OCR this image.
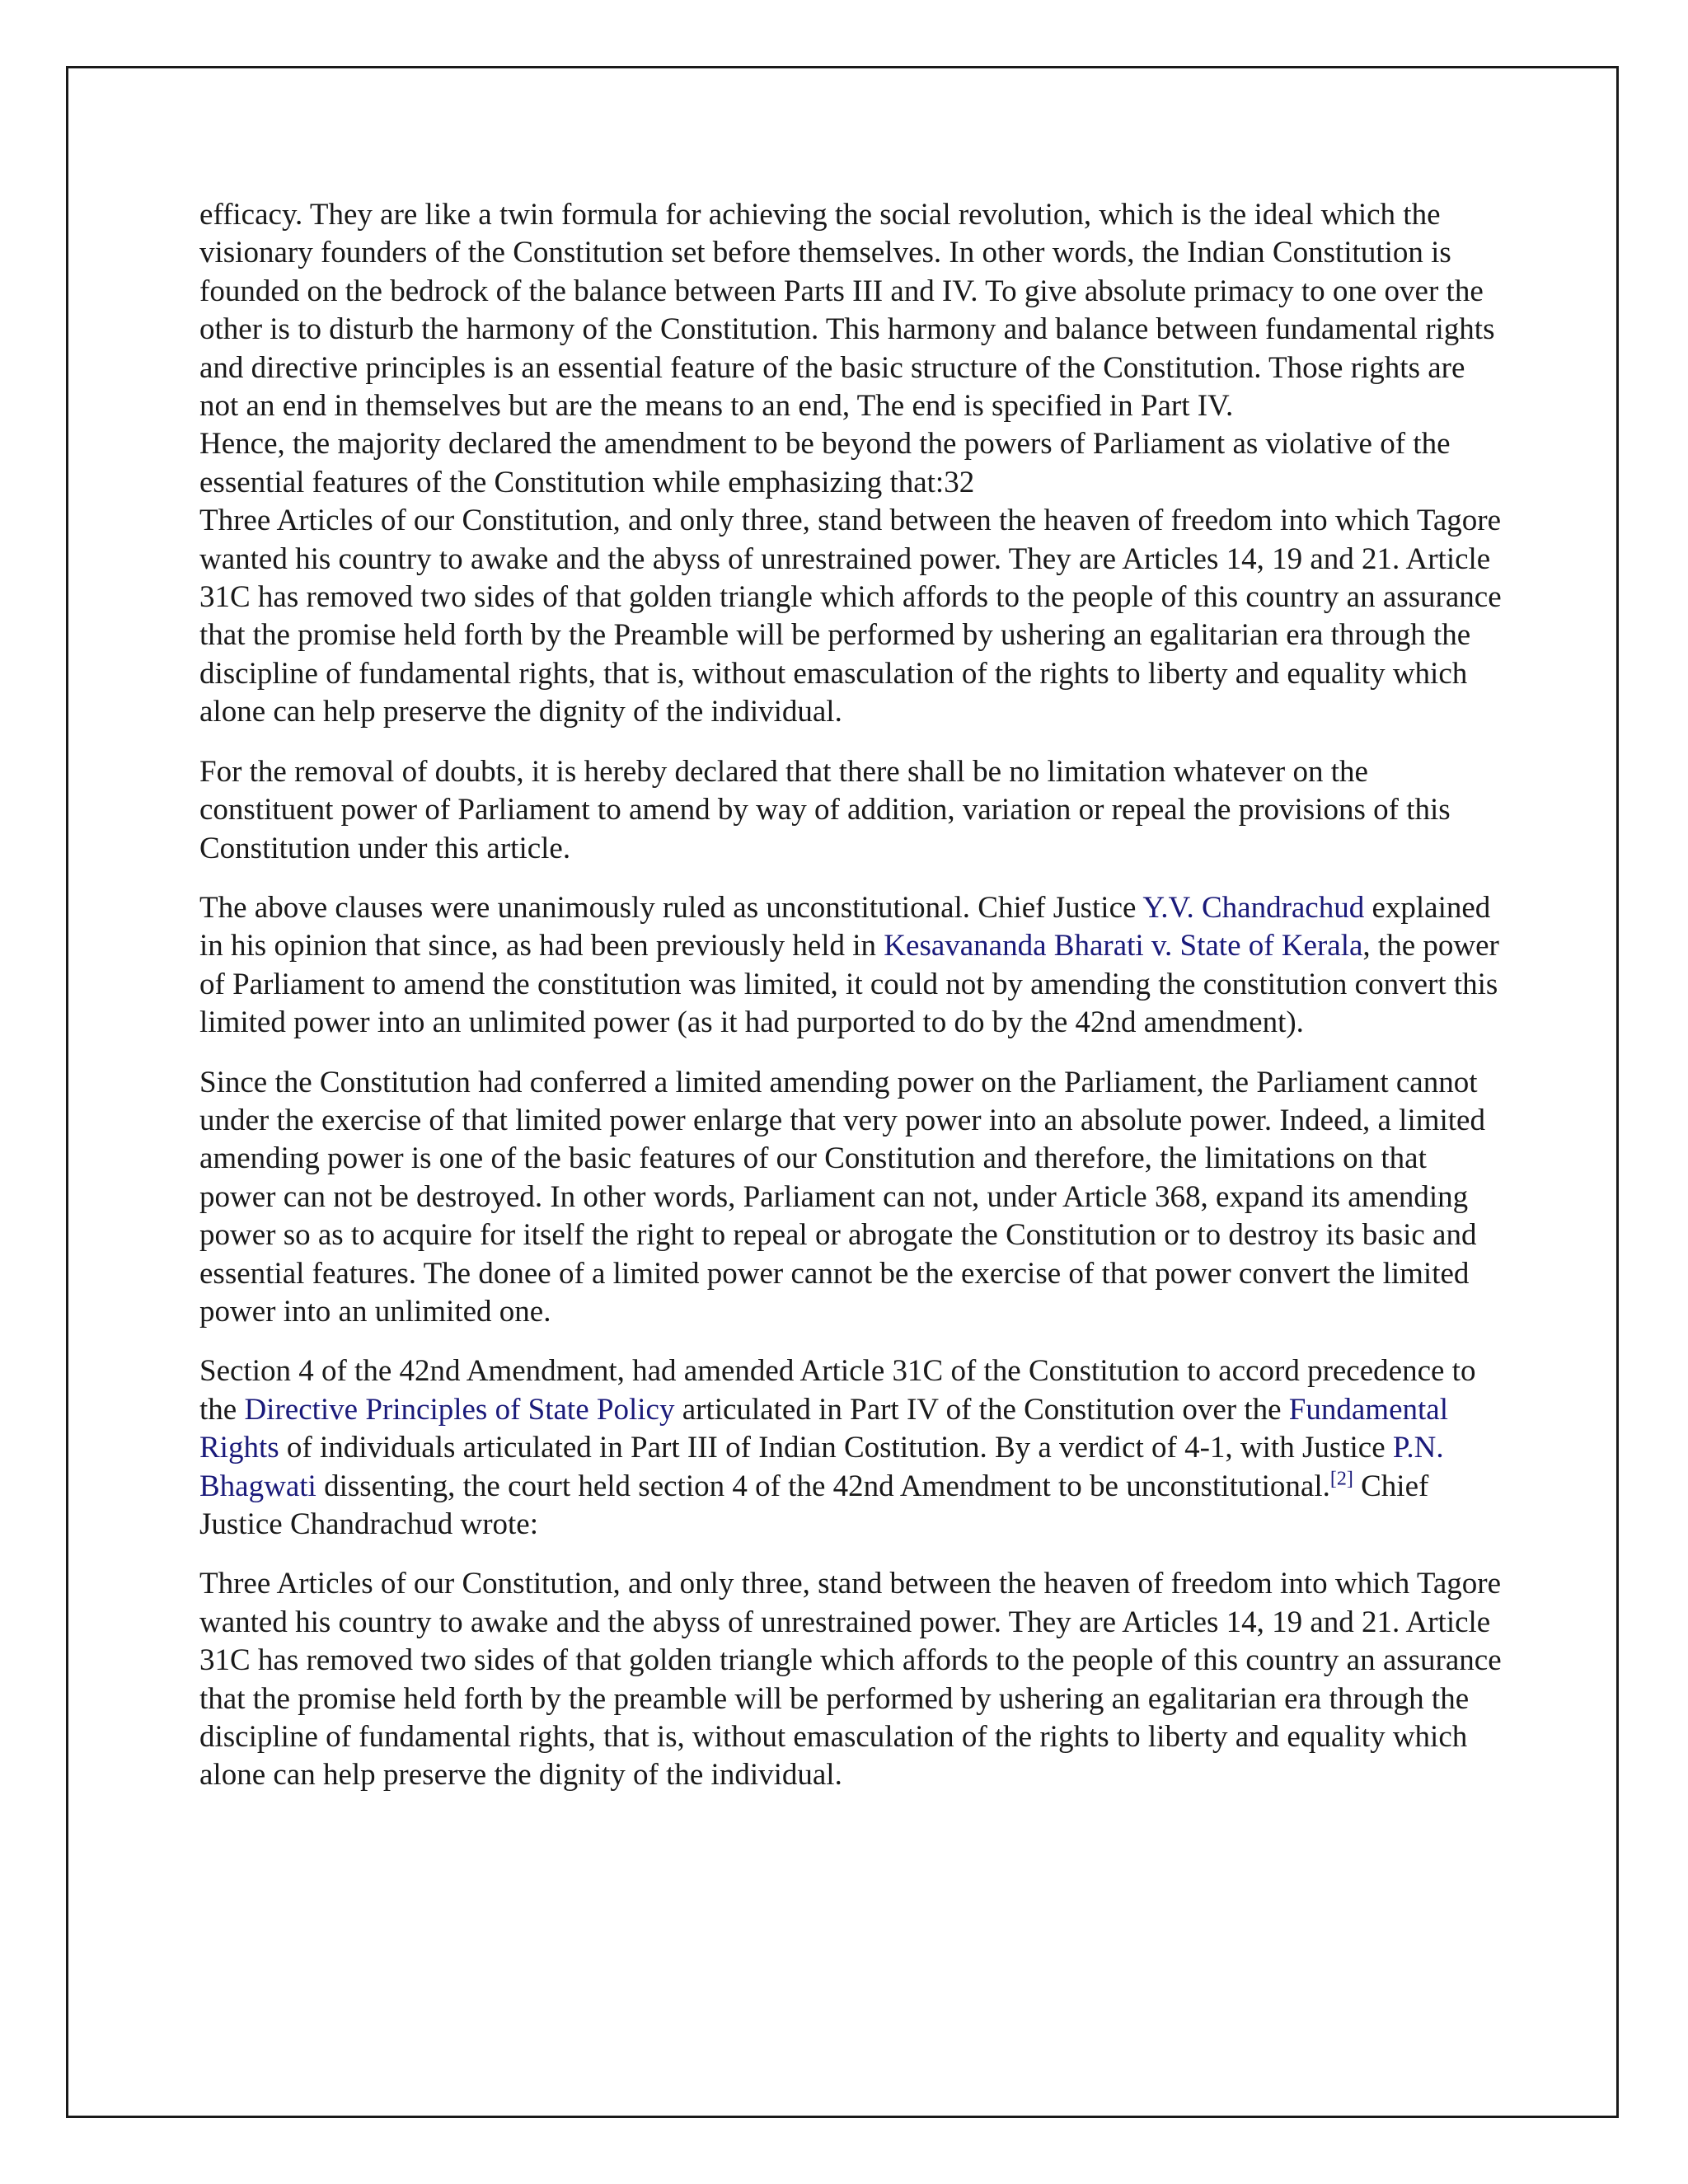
efficacy. They are like a twin formula for achieving the social revolution, which is the ideal which the visionary founders of the Constitution set before themselves. In other words, the Indian Constitution is founded on the bedrock of the balance between Parts III and IV. To give absolute primacy to one over the other is to disturb the harmony of the Constitution. This harmony and balance between fundamental rights and directive principles is an essential feature of the basic structure of the Constitution. Those rights are not an end in themselves but are the means to an end, The end is specified in Part IV.

Hence, the majority declared the amendment to be beyond the powers of Parliament as violative of the essential features of the Constitution while emphasizing that:32

Three Articles of our Constitution, and only three, stand between the heaven of freedom into which Tagore wanted his country to awake and the abyss of unrestrained power. They are Articles 14, 19 and 21. Article 31C has removed two sides of that golden triangle which affords to the people of this country an assurance that the promise held forth by the Preamble will be performed by ushering an egalitarian era through the discipline of fundamental rights, that is, without emasculation of the rights to liberty and equality which alone can help preserve the dignity of the individual.

For the removal of doubts, it is hereby declared that there shall be no limitation whatever on the constituent power of Parliament to amend by way of addition, variation or repeal the provisions of this Constitution under this article.

The above clauses were unanimously ruled as unconstitutional. Chief Justice Y.V. Chandrachud explained in his opinion that since, as had been previously held in Kesavananda Bharati v. State of Kerala, the power of Parliament to amend the constitution was limited, it could not by amending the constitution convert this limited power into an unlimited power (as it had purported to do by the 42nd amendment).

Since the Constitution had conferred a limited amending power on the Parliament, the Parliament cannot under the exercise of that limited power enlarge that very power into an absolute power. Indeed, a limited amending power is one of the basic features of our Constitution and therefore, the limitations on that power can not be destroyed. In other words, Parliament can not, under Article 368, expand its amending power so as to acquire for itself the right to repeal or abrogate the Constitution or to destroy its basic and essential features. The donee of a limited power cannot be the exercise of that power convert the limited power into an unlimited one.

Section 4 of the 42nd Amendment, had amended Article 31C of the Constitution to accord precedence to the Directive Principles of State Policy articulated in Part IV of the Constitution over the Fundamental Rights of individuals articulated in Part III of Indian Costitution. By a verdict of 4-1, with Justice P.N. Bhagwati dissenting, the court held section 4 of the 42nd Amendment to be unconstitutional.[2] Chief Justice Chandrachud wrote:

Three Articles of our Constitution, and only three, stand between the heaven of freedom into which Tagore wanted his country to awake and the abyss of unrestrained power. They are Articles 14, 19 and 21. Article 31C has removed two sides of that golden triangle which affords to the people of this country an assurance that the promise held forth by the preamble will be performed by ushering an egalitarian era through the discipline of fundamental rights, that is, without emasculation of the rights to liberty and equality which alone can help preserve the dignity of the individual.
